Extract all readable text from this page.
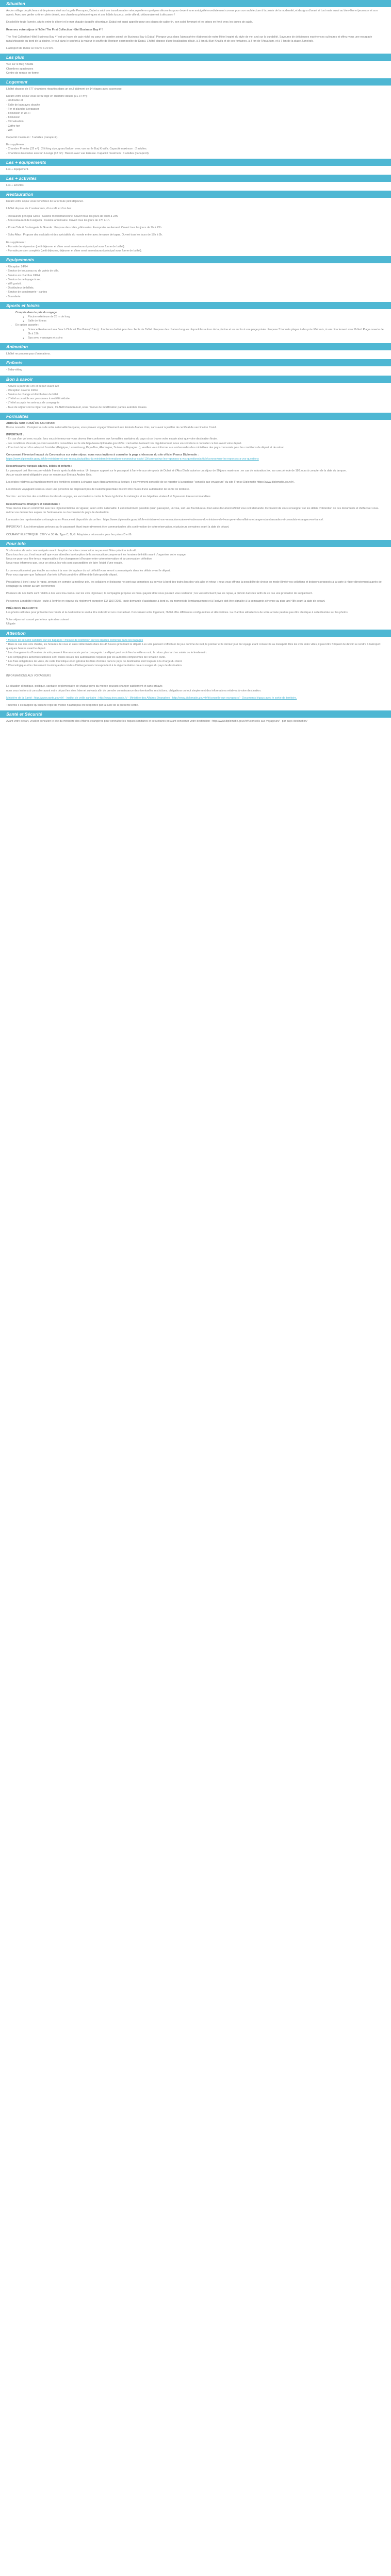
Situation

Ancien village de pêcheurs et de pierres situé sur la golfe Pernquez, Dubet a subi une transformation néocoquelie en quelques décennies pour devenir une ambiguïté mondialement connue pour son architecture à la pointe de la modernité, et designs d'avant et tout mais aussi au bien-être et jeunesse et son avenir. Avec son grelier créé en plein désert, ses chambres phénoménques et ses hôtels luxueux, cette ville du débonnaire est à découvrir !

Ensoleillée toute l'année, situés entre le désert et le mer chaude du golfe désertique, Dubaï est aussi appelée pour ses plages de sable fin, son soleil favorant et les crises en ferté avec les dunes de sable.

Reservez votre séjour à l'hôtel The First Collection Hôtel Business Bay 4* !

The First Collection Hôtel Business Bay 4* est un havre de paix niché au cœur de quartier animé de Business Bay à Dubaï. Plongez vous dans l'atmosphère élaborent de notre Hôtel inspiré du style de vie, and sur la durabilité. Savourez de délicieuses expériences culinaires et offrez-vous une escapade rafraîchissante au bord de la piscine, le tout dans le confort à la majeur le souffle de l'horizon cosmopolite de Dubaï. L'hôtel dispose d'une localisation idéale, à 3 km du Burj Khalifa et de ses fontaines, à 3 km de l'Aquarium, et à 7 km de la plage Jumeirah.

L'aéroport de Dubaï se trouve à 20 km.

Les plus
Vue sur le Burj Khalifa
Chambres spacieuses
Centre de remise en forme
Logement

L'hôtel dispose de 677 chambres réparties dans un seul bâtiment de 14 étages avec ascenseur.

Durant votre séjour vous serez logé en chambre deluxe (31-37 m²) :

- Lit double et
- Salle de bain avec douche
- Fer et planche à repasser
- Télévision et Wi-Fi
- Télévision
- Climatisation
- Coffre-fort
- Wifi

Capacité maximum : 3 adultes (canapé-lit).

En supplément :

- Chambre Premier (32 m²) : 2 lit king size, grand balcon avec vue sur le Burj Khalifa. Capacité maximum : 2 adultes.

- Chambres Executive avec un Lounge (32 m²) : Balcon avec vue terrasse. Capacité maximum : 3 adultes (canapé-lit).

Les + équipements

Les + équipement.

Les + activités

Les + activités

Restauration

Durant votre séjour vous bénéficiez de la formule petit déjeuner.

L'hôtel dispose de 2 restaurants, d'un café et d'un bar :

- Restaurant principal Gloss : Cuisine méditerranéenne. Ouvert tous les jours de 6h30 à 23h.

- Bon restaurant de Fusigawa : Cuisine américaine. Ouvert tous les jours de 17h à 1h.

- Rosie Cafe & Boulangerie le Grande : Propose des cafés, pâtisseries. A emporter seulement. Ouvert tous les jours de 7h à 23h.

- Soho Alley : Propose des cocktails et des spécialités du monde entier avec terrasse de tapas. Ouvert tous les jours de 17h à 2h.

En supplément :

- Formule demi-pension (petit déjeuner et dîner servi au restaurant principal sous forme de buffet).

- Formule pension complète (petit déjeuner, déjeuner et dîner servi au restaurant principal sous forme de buffet).

Equipements
- Réception 24/24
- Service de trousseau ou de valets de ville.
- Service en chambre 24/24.
- Service de nettoyage à sec.
- Wifi gratuit.
- Distributeur de billets.
- Service de conciergerie - parties
- Buanderie.
Sports et loisirs
• Compris dans le prix du voyage
◦ Piscine extérieure de 25 m de long
◦ Salle de fitness
• En option payante :
◦ Science Restaurant sea Beach Club vat The Palm (10 km) : fonctionna balisé pour les clients de l'hôtel. Propose des chaises longues disponibles autour de la piscine et un accès à une plage privée. Propose 3 bonnets plages à des prix différents, à voir directement avec l'hôtel. Plage ouverte de 8h à 19h.
◦ Spa avec massages et soins
Animation

L'hôtel ne propose pas d'animations.

Enfants
- Baby-sitting
Bon à savoir
- Arrivée à partir de 14h et départ avant 12h
- Réception ouverte 24/24
- Service de change et distributeur de billet
- L'hôtel accessible aux personnes à mobilité réduite
- L'hôtel accepte les animaux de compagnie
- Taux de séjour sont à régler sur place, 15 AED/chambre/nuit, sous réserve de modification par les autorités locales.
Formalités

ARRIVÉE SUR DUBAÏ OU ABU DHABI

Bonne nouvelle : Compter tous de votre nationalité française, vous pouvez voyager librement aux Emirats Arabes Unis, sans avoir à justifier de certificat de vaccination Covid.

IMPORTANT :

- En cas d'un vol avec escale, Ivez vous informez-sur-vous devrez être conformes aux formalités sanitaires du pays où se trouve votre escale ainsi que votre destination finale.

- Les conditions d'escale peuvent aussi être consultées sur le site http://www.diplomatie.gouv.fr/fr/. L'actualité évoluant très régulièrement, nous vous invitons à consulter ce lien avant votre départ.

- Pour tout départ d'un aéroport frontalier (Belgique, Luxembourg, Pays-Bas, Allemagne, Suisse ou Espagne...), veuillez vous informer aux ambassades des ministères des pays concernés pour les conditions de départ et de retour.

Concernant l'éventuel impact du Coronavirus sur votre séjour, nous vous invitons à consulter la page ci-dessous du site officiel France Diplomatie :

https://www.diplomatie.gouv.fr/fr/le-ministere-et-son-reseau/actualites-du-ministere/informations-coronavirus-covid-19/coronavirus-les-reponses-a-vos-questions/article/coronavirus-les-reponses-a-vos-questions

Ressortissants français adultes, bébés et enfants :

Le passeport doit être encore valable 6 mois après la date retour. Un tampon apposé sur le passeport à l'arrivée aux aéroports de Dubaï et d'Abu Dhabi autorise un séjour de 90 jours maximum ; en cas de saturation (ex. sur une période de 180 jours à compter de la date du tampon.

Aucun vaccin n'est obligatoire pour se rendre aux Emirats Arabes Unis.

Les règles relatives au franchissement des frontières propres à chaque pays étant amenées à évoluer, il est vivement conseillé de se reporter à la rubrique "conseils aux voyageurs" du site France Diplomatie https://www.diplomatie.gouv.fr/.

Les mineurs voyageant seuls ou avec une personne ne disposant pas de l'autorité parentale doivent être munis d'une autorisation de sortie de territoire.

Vaccins : en fonction des conditions locales du voyage, les vaccinations contre la fièvre typhoïde, la méningite et les hépatites virales A et B peuvent être recommandées.

Ressortissants étrangers et binationaux :

Vous devrez être en conformité avec les réglementations en vigueur, selon votre nationalité. Il est notamment possible qu'un passeport, un visa, soit une fourniture ou tout autre document officiel vous soit demandé. Il convient de vous renseigner sur les délais d'obtention de ces documents et d'effectuer vous-même vos démarches auprès de l'ambassade ou du consulat du pays de destination.

L'annuaire des représentations étrangères en France est disponible via ce lien : https://www.diplomatie.gouv.fr/fr/le-ministere-et-son-reseau/annuaires-et-adresses-du-ministere-de-l-europe-et-des-affaires-etrangeres/ambassades-et-consulats-etrangers-en-france/.

IMPORTANT : Les informations prévues par le passeport étant impérativement être communiquées dès confirmation de votre réservation, et plusieurs semaines avant la date de départ.

COURANT ÉLECTRIQUE : 220 V et 50 Hz. Type C, D, G. Adaptateur nécessaire pour les prises D et G.

Pour info

Vos horaires de vols communiqués avant réception de votre convocation ne peuvent l'être qu'à titre indicatif.

Dans tous les cas, il est impératif que vous attendiez la réception de la convocation comprenant les horaires définitifs avant d'organiser votre voyage.

Nous ne pourrons être tenus responsables d'un changement d'horaire entre votre réservation et la convocation définitive.

Nous vous informons que, pour ce séjour, les vols sont susceptibles de faire l'objet d'une escale.

La convocation n'est pas établie au moins à la nom de la place du vol définitif vous seront communiqués dans les délais avant le départ.

Pour vous signaler que l'aéroport d'arrivée à Paris peut être différent de l'aéroport de départ.

Prestations à bord : pour le repas, prenant en compte la meilleur prix, les collations et boissons ne sont pas comprises au service à bord des trains lors des vols aller et retour ; nous vous offrons la possibilité de choisir en mode illimité vos collations et boissons proposés à la carte à régler directement auprès de l'équipage ou choisir au tarif préférentiel.

Plusieurs de nos tarifs sont relatifs à des vols low-cost ou sur les vols régionaux, la compagnie propose un menu payant dont vous pourrez vous restaurer ; les vols n'incluent pas les repas, à prévoir dans les tarifs de ce cas une prestation de supplément.

Personnes à mobilité réduite : suite à l'entrée en vigueur du règlement européen EU 1107/2006, toute demande d'assistance à bord ou au moment de l'embarquement et à l'arrivée doit être signalée à la compagnie aérienne au plus tard 48h avant la date de départ.

PRÉCISION DESCRIPTIF

Les photos utilisées pour présenter les hôtels et la destination le sont à titre indicatif et non contractuel. Concernant votre logement, l'hôtel offre différentes configurations et décorations. La chambre allouée lors de votre arrivée peut ne pas être identique à celle illustrée sur les photos.

Votre séjour est assuré par le tour opérateur suivant :

Ultigate

Attention

* Mesure de sécurité sanitaire sur les bagages : mesure de restriction sur les liquides contenus dans les bagages

* Dans le cas des vols charter, les horaires de vous et aussi déterminés dans les 48 heures précédant le départ. Les vols peuvent s'effectuer de jour comme de nuit, le premier et le dernier jour du voyage étant consacrés au transport. Dès les vols entre villes, il peut être fréquent de devoir se rendre à l'aéroport quelques heures avant le départ.

* Les changements d'horaires de vols peuvent être annoncés par la compagnie. Le départ peut avoir lieu la veille au soir, le retour plus tard en soirée ou le lendemain.

* Les compagnies aériennes utilisées sont toutes issues des autorisations requises par les autorités compétentes de l'aviation civile.

* Les frais obligatoires de visas, de carte touristique et en général les frais d'entrée dans le pays de destination sont toujours à la charge du client.

* Chronologique et le classement touristique des modes d'hébergement correspondent à la réglementation ou aux usages du pays de destination.

INFORMATIONS AUX VOYAGEURS

La situation climatique, politique, sanitaire, réglementaire de chaque pays du monde pouvant changer subitement et sans préavis

nous vous invitons à consulter avant votre départ les sites Internet suivants afin de prendre connaissance des éventuelles restrictions, obligations ou tout simplement des informations relatives à votre destination.

Ministère de la Santé : http://www.sante.gouv.fr/ - Institut de veille sanitaire : http://www.invs.sante.fr/ - Ministère des Affaires Etrangères : http://www.diplomatie.gouv.fr/fr/conseils-aux-voyageurs/ - Documents légaux avec le sortie de territoire.

Toutefois il est rappelé qu'aucune règle de mobile n'aurait pas été respectée par la suite de la présente sortie.

Santé et Sécurité

Avant votre départ, veuillez consulter le site du ministère des Affaires étrangères pour connaître les risques sanitaires et sécuritaires pouvant concerner votre destination : http://www.diplomatie.gouv.fr/fr/conseils-aux-voyageurs/ - par pays-destination/
